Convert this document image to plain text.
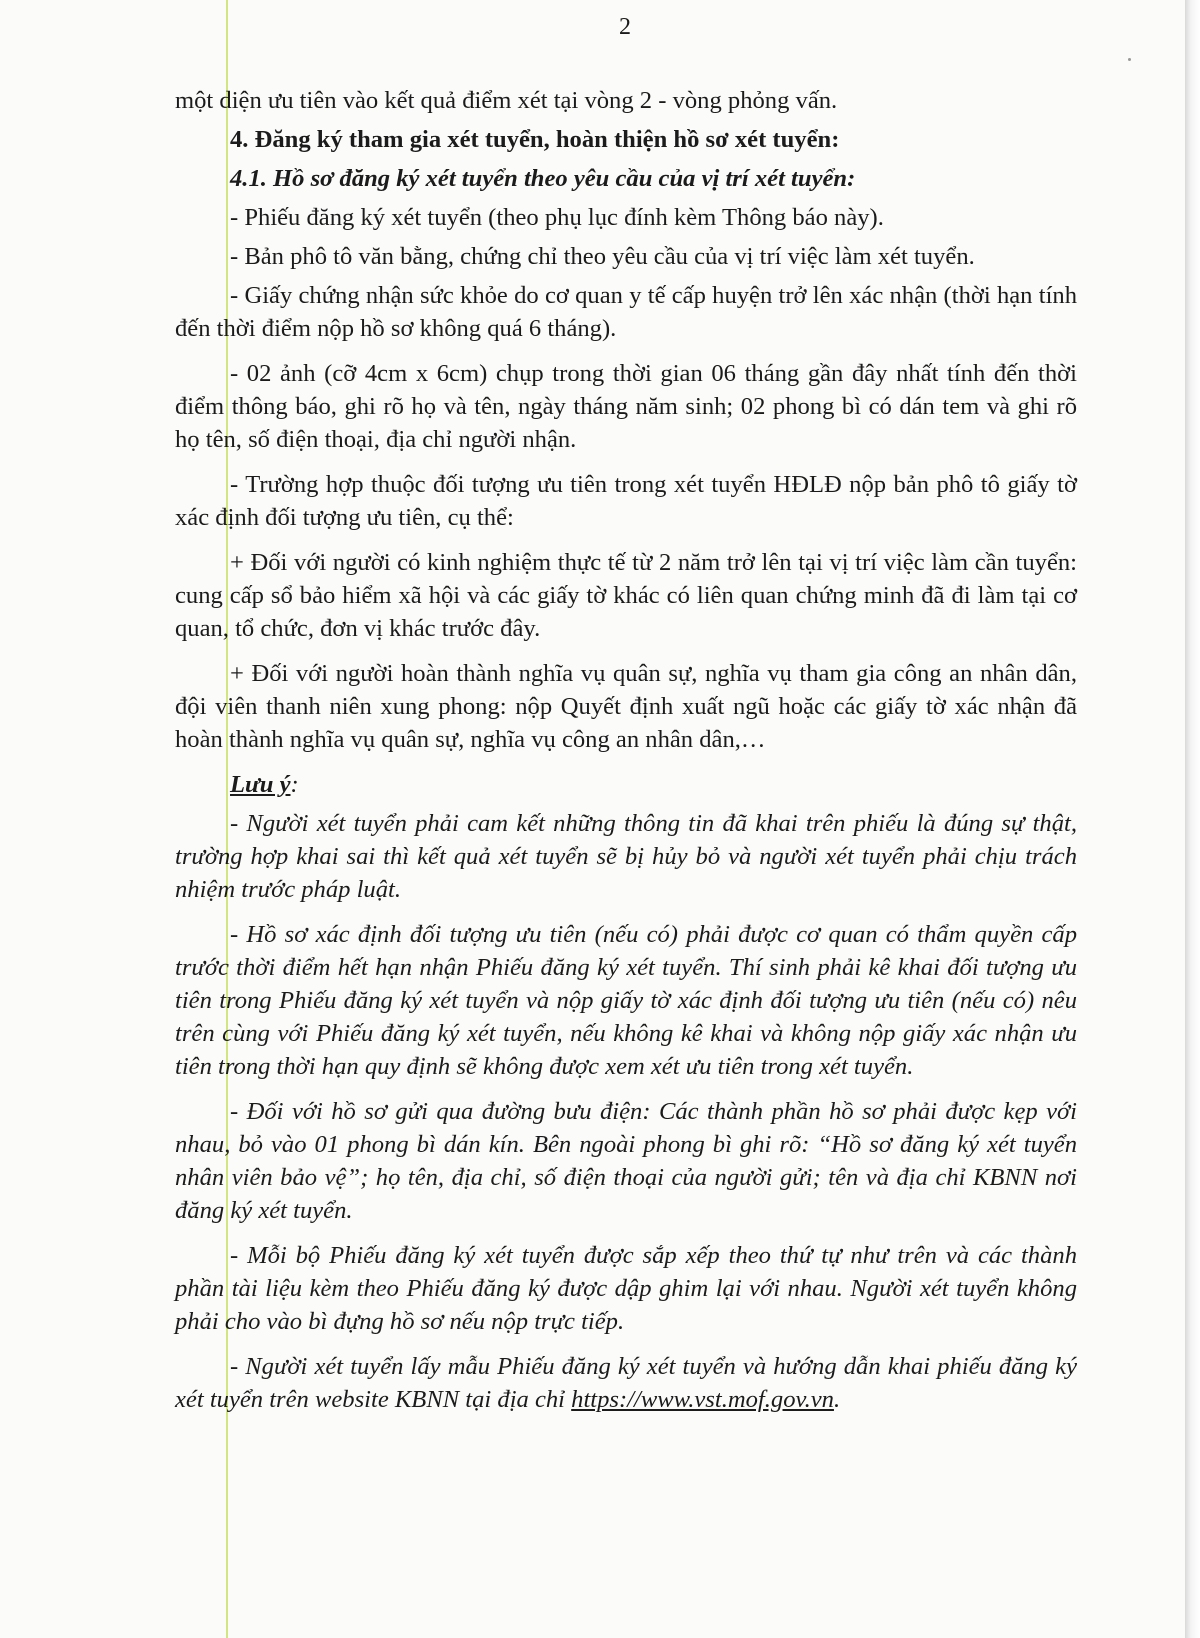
2

một diện ưu tiên vào kết quả điểm xét tại vòng 2 - vòng phỏng vấn.

4. Đăng ký tham gia xét tuyển, hoàn thiện hồ sơ xét tuyển:

4.1. Hồ sơ đăng ký xét tuyển theo yêu cầu của vị trí xét tuyển:

- Phiếu đăng ký xét tuyển (theo phụ lục đính kèm Thông báo này).

- Bản phô tô văn bằng, chứng chỉ theo yêu cầu của vị trí việc làm xét tuyển.

- Giấy chứng nhận sức khỏe do cơ quan y tế cấp huyện trở lên xác nhận (thời hạn tính đến thời điểm nộp hồ sơ không quá 6 tháng).

- 02 ảnh (cỡ 4cm x 6cm) chụp trong thời gian 06 tháng gần đây nhất tính đến thời điểm thông báo, ghi rõ họ và tên, ngày tháng năm sinh; 02 phong bì có dán tem và ghi rõ họ tên, số điện thoại, địa chỉ người nhận.

- Trường hợp thuộc đối tượng ưu tiên trong xét tuyển HĐLĐ nộp bản phô tô giấy tờ xác định đối tượng ưu tiên, cụ thể:

+ Đối với người có kinh nghiệm thực tế từ 2 năm trở lên tại vị trí việc làm cần tuyển: cung cấp sổ bảo hiểm xã hội và các giấy tờ khác có liên quan chứng minh đã đi làm tại cơ quan, tổ chức, đơn vị khác trước đây.

+ Đối với người hoàn thành nghĩa vụ quân sự, nghĩa vụ tham gia công an nhân dân, đội viên thanh niên xung phong: nộp Quyết định xuất ngũ hoặc các giấy tờ xác nhận đã hoàn thành nghĩa vụ quân sự, nghĩa vụ công an nhân dân,…

Lưu ý:

- Người xét tuyển phải cam kết những thông tin đã khai trên phiếu là đúng sự thật, trường hợp khai sai thì kết quả xét tuyển sẽ bị hủy bỏ và người xét tuyển phải chịu trách nhiệm trước pháp luật.

- Hồ sơ xác định đối tượng ưu tiên (nếu có) phải được cơ quan có thẩm quyền cấp trước thời điểm hết hạn nhận Phiếu đăng ký xét tuyển. Thí sinh phải kê khai đối tượng ưu tiên trong Phiếu đăng ký xét tuyển và nộp giấy tờ xác định đối tượng ưu tiên (nếu có) nêu trên cùng với Phiếu đăng ký xét tuyển, nếu không kê khai và không nộp giấy xác nhận ưu tiên trong thời hạn quy định sẽ không được xem xét ưu tiên trong xét tuyển.

- Đối với hồ sơ gửi qua đường bưu điện: Các thành phần hồ sơ phải được kẹp với nhau, bỏ vào 01 phong bì dán kín. Bên ngoài phong bì ghi rõ: “Hồ sơ đăng ký xét tuyển nhân viên bảo vệ”; họ tên, địa chỉ, số điện thoại của người gửi; tên và địa chỉ KBNN nơi đăng ký xét tuyển.

- Mỗi bộ Phiếu đăng ký xét tuyển được sắp xếp theo thứ tự như trên và các thành phần tài liệu kèm theo Phiếu đăng ký được dập ghim lại với nhau. Người xét tuyển không phải cho vào bì đựng hồ sơ nếu nộp trực tiếp.

- Người xét tuyển lấy mẫu Phiếu đăng ký xét tuyển và hướng dẫn khai phiếu đăng ký xét tuyển trên website KBNN tại địa chỉ https://www.vst.mof.gov.vn.
